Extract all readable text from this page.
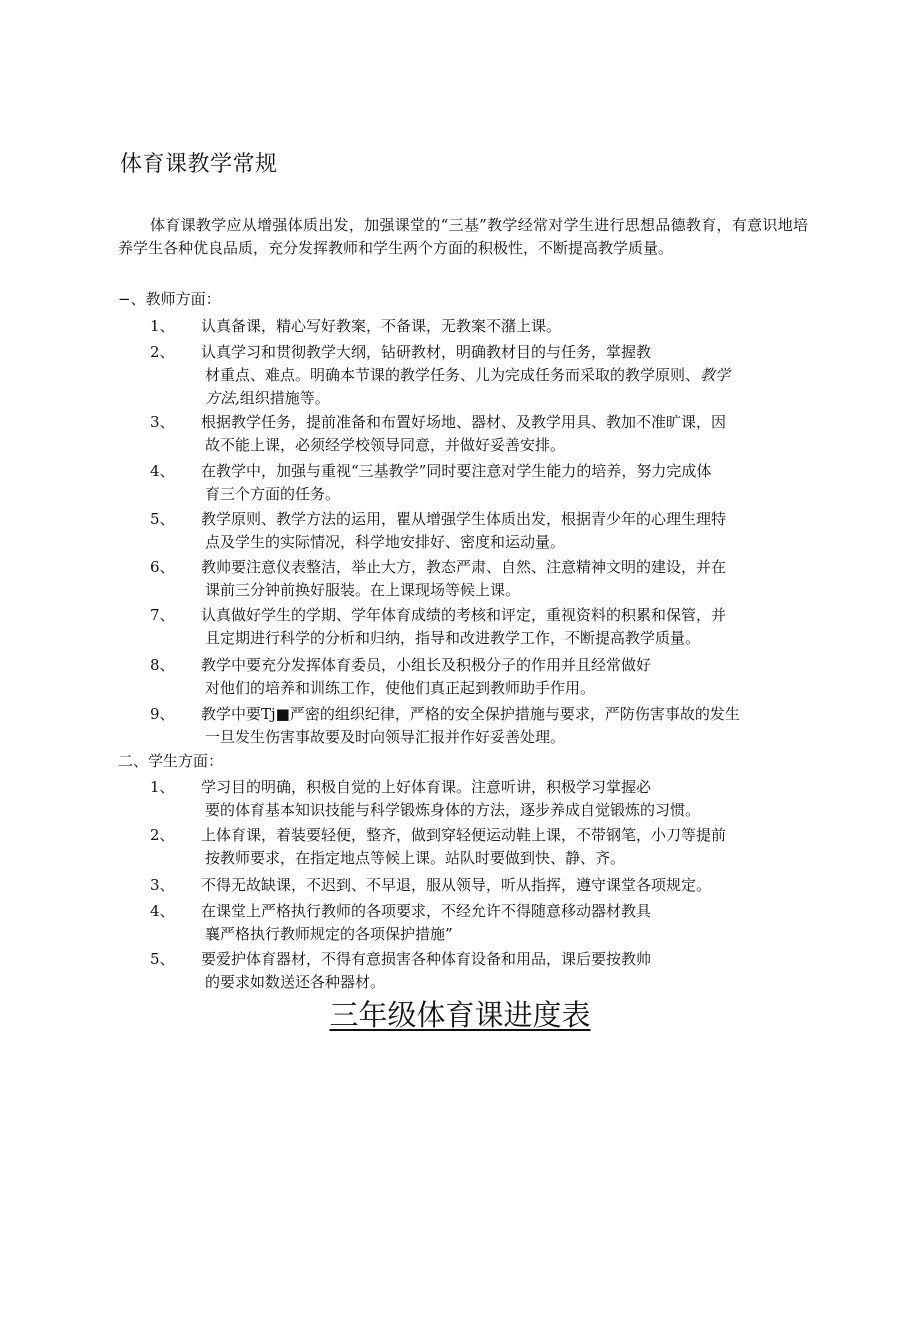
体育课教学常规

体育课教学应从增强体质出发，加强课堂的“三基”教学经常对学生进行思想品德教育，有意识地培养学生各种优良品质，充分发挥教师和学生两个方面的积极性，不断提高教学质量。

−、教师方面：

1、	认真备课，精心写好教案，不备课，无教案不潴上课。
2、	认真学习和贯彻教学大纲，钻研教材，明确教材目的与任务，掌握教
材重点、难点。明确本节课的教学任务、儿为完成任务而采取的教学原则、教学
方法,组织措施等。
3、	根据教学任务，提前准备和布置好场地、器材、及教学用具、教加不准旷课，因
故不能上课，必须经学校领导同意，并做好妥善安排。
4、	在教学中，加强与重视“三基教学”同时要注意对学生能力的培养，努力完成体
育三个方面的任务。
5、	教学原则、教学方法的运用，瞿从增强学生体质出发，根据青少年的心理生理特
点及学生的实际情况，科学地安排好、密度和运动量。
6、	教帅要注意仪表整洁，举止大方，教态严肃、自然、注意精神文明的建设，并在
课前三分钟前换好服装。在上课现场等候上课。
7、	认真做好学生的学期、学年体育成绩的考核和评定，重视资料的积累和保管，并
且定期进行科学的分析和归纳，指导和改进教学工作，不断提高教学质量。
8、	教学中要充分发挥体育委员，小组长及积极分子的作用并且经常做好
对他们的培养和训练工作，使他们真正起到教师助手作用。
9、	教学中要Tj■严密的组织纪律，严格的安全保护措施与要求，严防伤害事故的发生
一旦发生伤害事故要及时向领导汇报并作好妥善处理。

二、学生方面：

1、	学习目的明确，积极自觉的上好体育课。注意听讲，积极学习掌握必
要的体育基本知识技能与科学锻炼身体的方法，逐步养成自觉锻炼的习惯。
2、	上体育课，着装要轻便，整齐，做到穿轻便运动鞋上课，不带钢笔，小刀等提前
按教师要求，在指定地点等候上课。站队时要做到快、静、齐。
3、	不得无故缺课，不迟到、不早退，服从领导，听从指挥，遵守课堂各项规定。
4、	在课堂上严格执行教师的各项要求，不经允许不得随意移动器材教具
襄严格执行教师规定的各项保护措施”
5、	要爱护体育器材，不得有意损害各种体育设备和用品，课后要按教帅
的要求如数送还各种器材。
三年级体育课进度表
